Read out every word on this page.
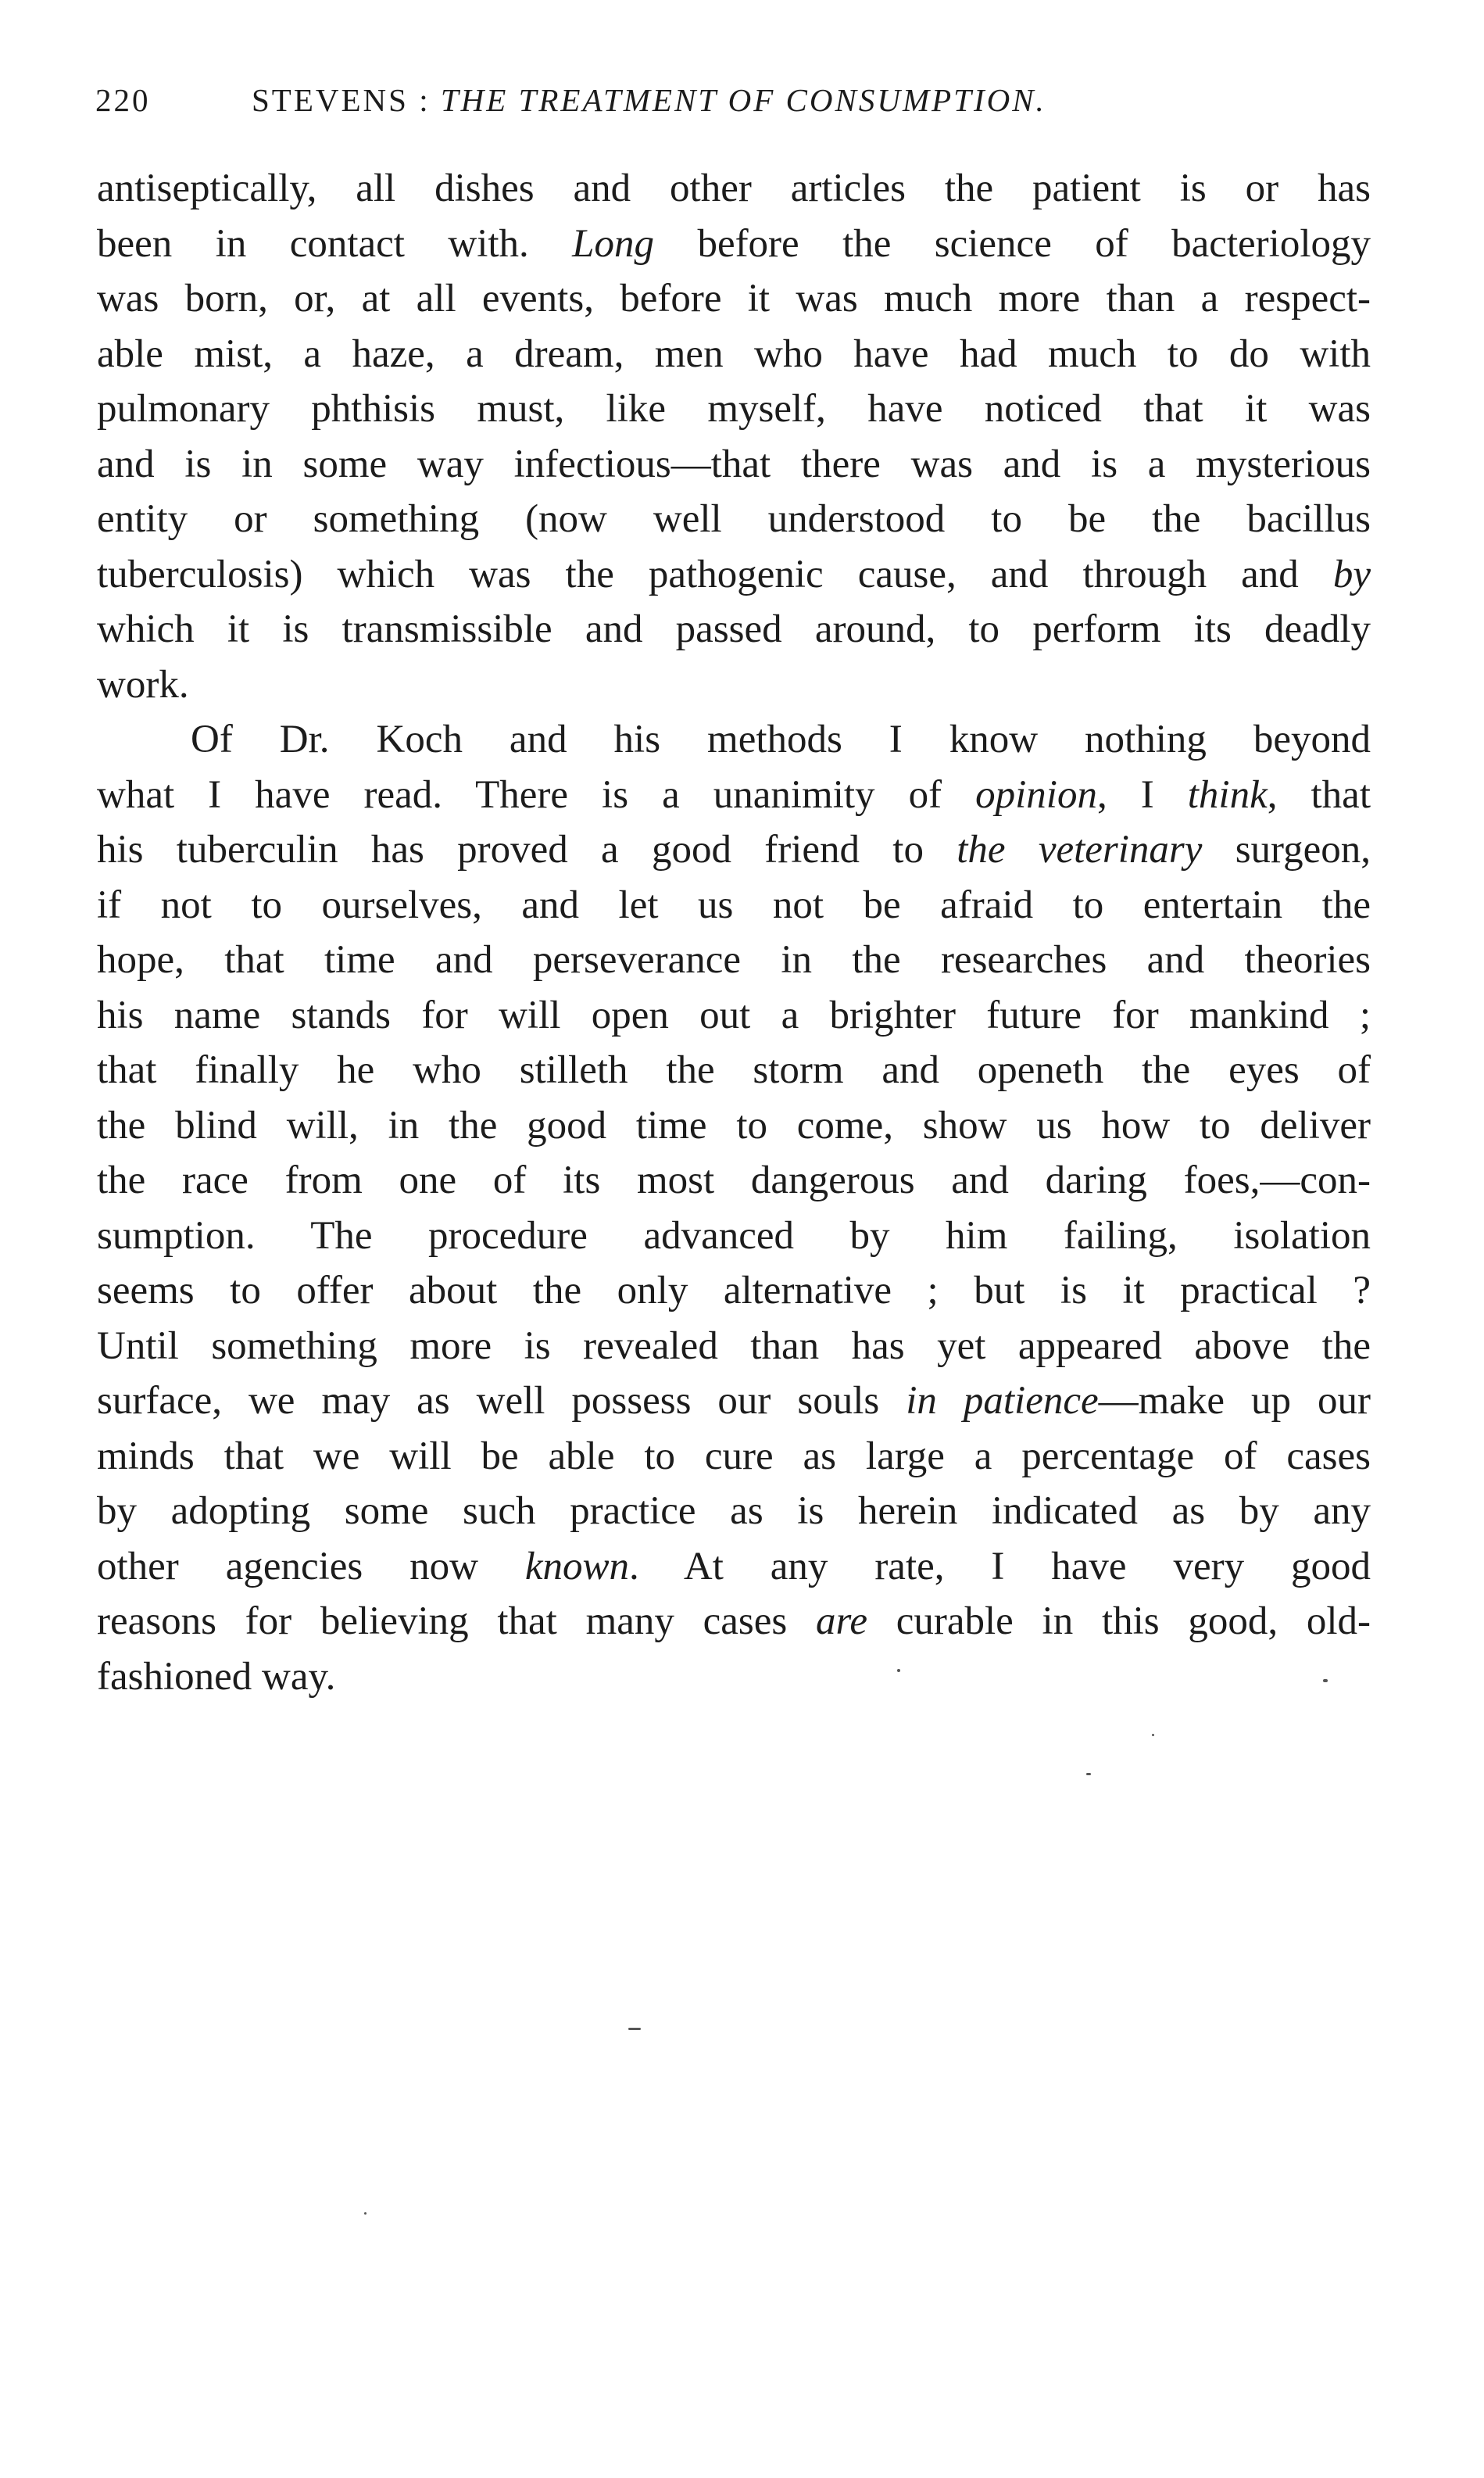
220	STEVENS : THE TREATMENT OF CONSUMPTION.
antiseptically, all dishes and other articles the patient is or has
been in contact with. Long before the science of bacteriology
was born, or, at all events, before it was much more than a respect-
able mist, a haze, a dream, men who have had much to do with
pulmonary phthisis must, like myself, have noticed that it was
and is in some way infectious—that there was and is a mysterious
entity or something (now well understood to be the bacillus
tuberculosis) which was the pathogenic cause, and through and by
which it is transmissible and passed around, to perform its deadly
work.
Of Dr. Koch and his methods I know nothing beyond
what I have read. There is a unanimity of opinion, I think, that
his tuberculin has proved a good friend to the veterinary surgeon,
if not to ourselves, and let us not be afraid to entertain the
hope, that time and perseverance in the researches and theories
his name stands for will open out a brighter future for mankind ;
that finally he who stilleth the storm and openeth the eyes of
the blind will, in the good time to come, show us how to deliver
the race from one of its most dangerous and daring foes,—con-
sumption. The procedure advanced by him failing, isolation
seems to offer about the only alternative ; but is it practical ?
Until something more is revealed than has yet appeared above the
surface, we may as well possess our souls in patience—make up our
minds that we will be able to cure as large a percentage of cases
by adopting some such practice as is herein indicated as by any
other agencies now known. At any rate, I have very good
reasons for believing that many cases are curable in this good, old-
fashioned way.
